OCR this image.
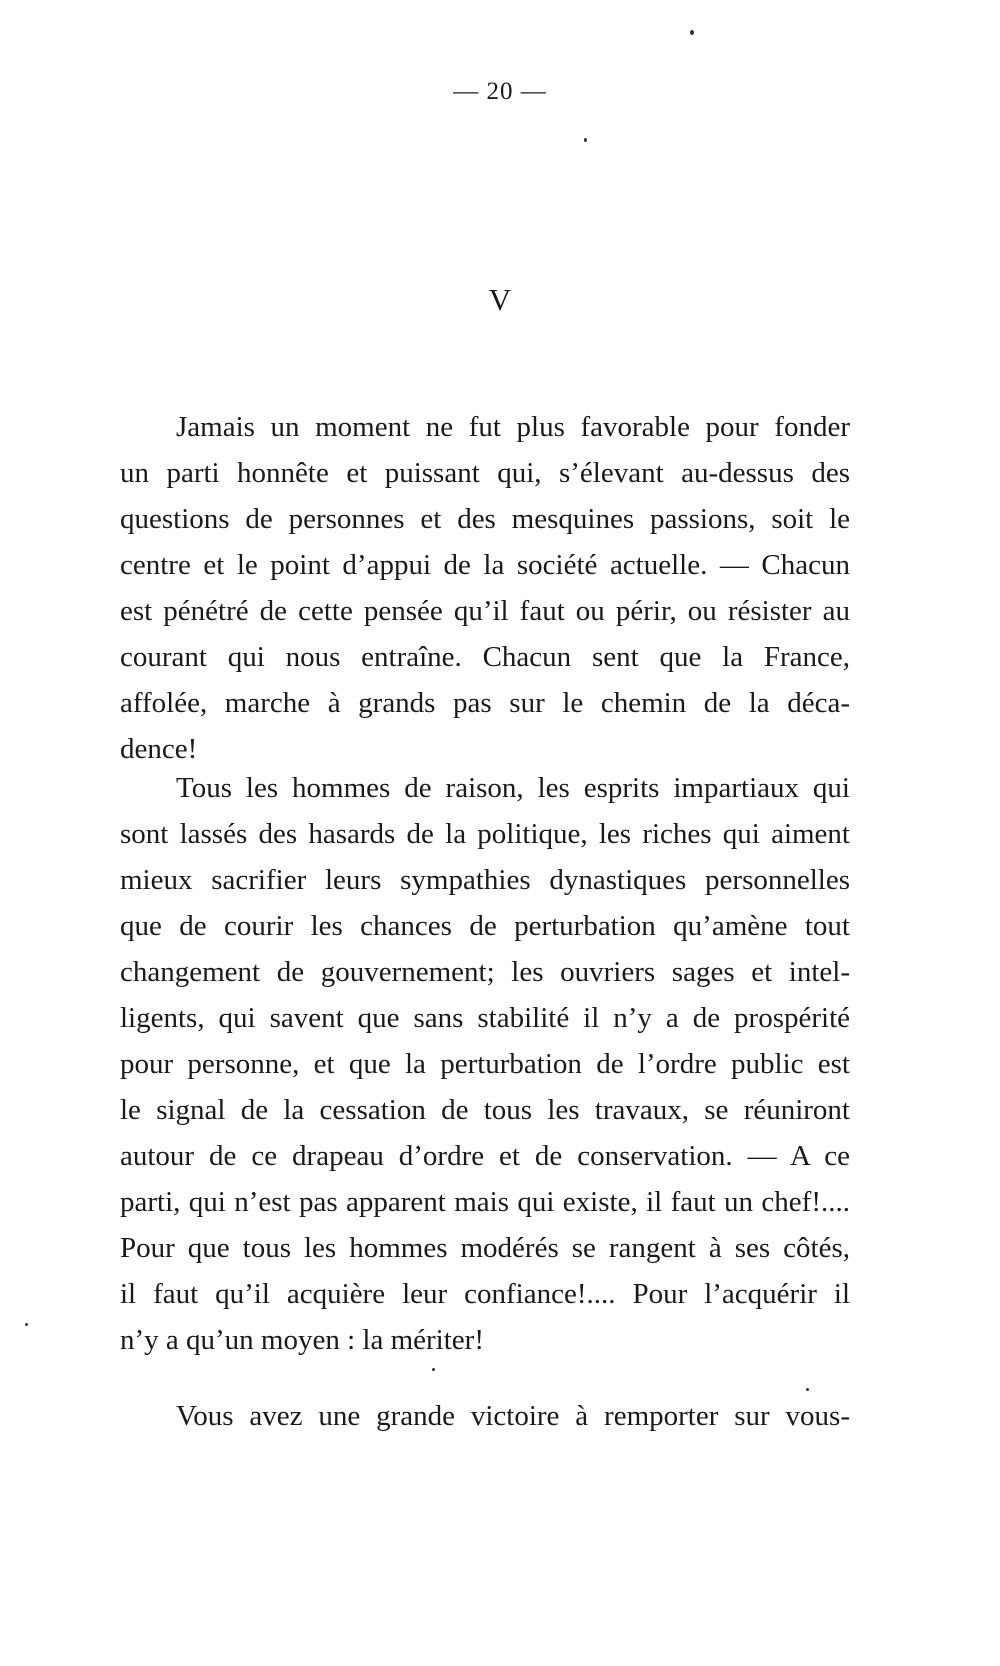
— 20 —
V
Jamais un moment ne fut plus favorable pour fonder
un parti honnête et puissant qui, s’élevant au-dessus des
questions de personnes et des mesquines passions, soit le
centre et le point d’appui de la société actuelle. — Chacun
est pénétré de cette pensée qu’il faut ou périr, ou résister au
courant qui nous entraîne. Chacun sent que la France,
affolée, marche à grands pas sur le chemin de la déca-
dence!
Tous les hommes de raison, les esprits impartiaux qui
sont lassés des hasards de la politique, les riches qui aiment
mieux sacrifier leurs sympathies dynastiques personnelles
que de courir les chances de perturbation qu’amène tout
changement de gouvernement; les ouvriers sages et intel-
ligents, qui savent que sans stabilité il n’y a de prospérité
pour personne, et que la perturbation de l’ordre public est
le signal de la cessation de tous les travaux, se réuniront
autour de ce drapeau d’ordre et de conservation. — A ce
parti, qui n’est pas apparent mais qui existe, il faut un chef!....
Pour que tous les hommes modérés se rangent à ses côtés,
il faut qu’il acquière leur confiance!.... Pour l’acquérir il
n’y a qu’un moyen : la mériter!
Vous avez une grande victoire à remporter sur vous-
